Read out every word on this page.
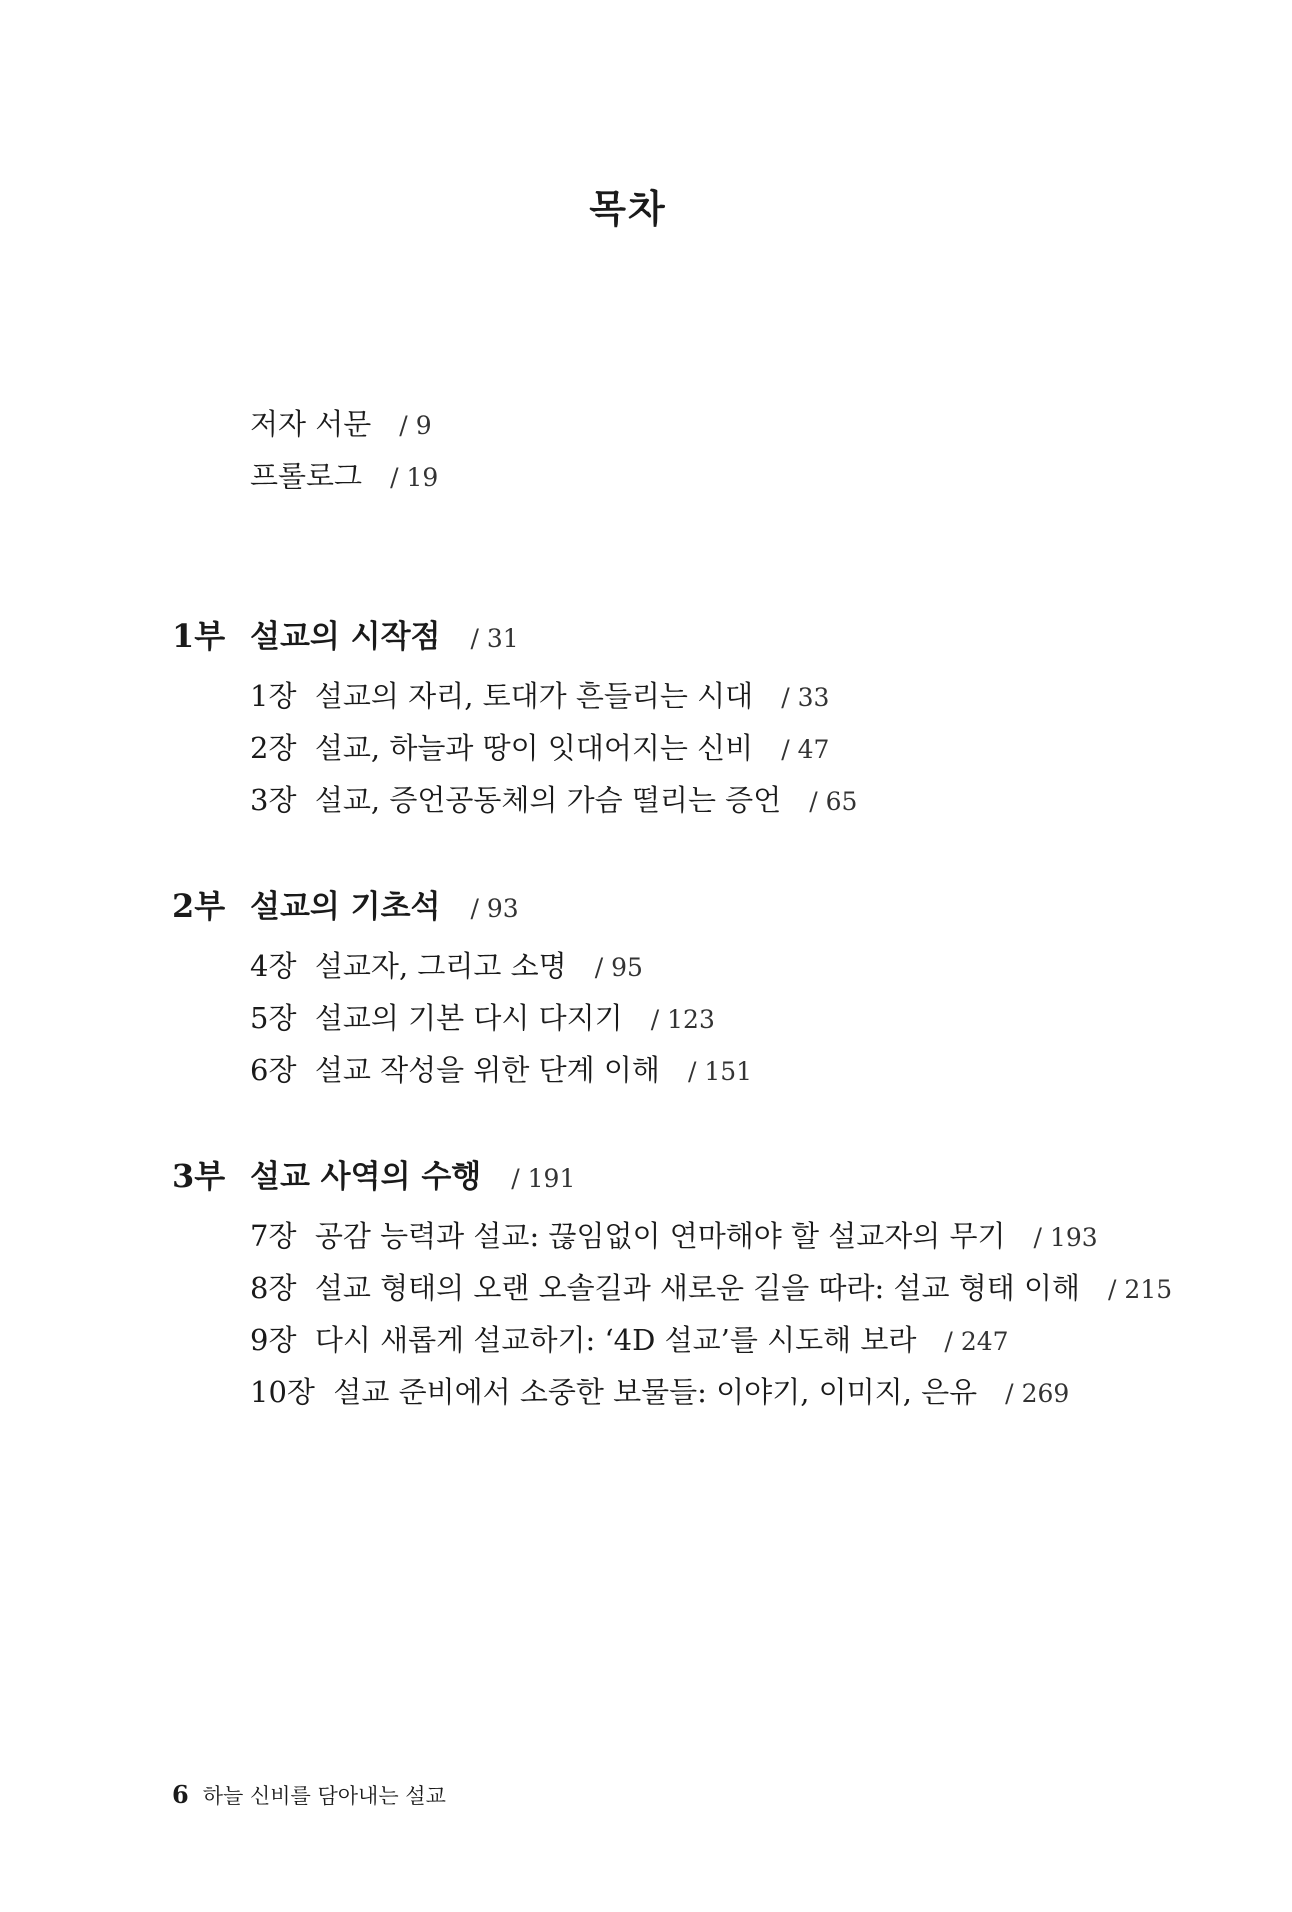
목차
저자 서문 / 9
프롤로그 / 19
1부 설교의 시작점 / 31
1장 설교의 자리, 토대가 흔들리는 시대 / 33
2장 설교, 하늘과 땅이 잇대어지는 신비 / 47
3장 설교, 증언공동체의 가슴 떨리는 증언 / 65
2부 설교의 기초석 / 93
4장 설교자, 그리고 소명 / 95
5장 설교의 기본 다시 다지기 / 123
6장 설교 작성을 위한 단계 이해 / 151
3부 설교 사역의 수행 / 191
7장 공감 능력과 설교: 끊임없이 연마해야 할 설교자의 무기 / 193
8장 설교 형태의 오랜 오솔길과 새로운 길을 따라: 설교 형태 이해 / 215
9장 다시 새롭게 설교하기: ‘4D 설교’를 시도해 보라 / 247
10장 설교 준비에서 소중한 보물들: 이야기, 이미지, 은유 / 269
6 하늘 신비를 담아내는 설교
